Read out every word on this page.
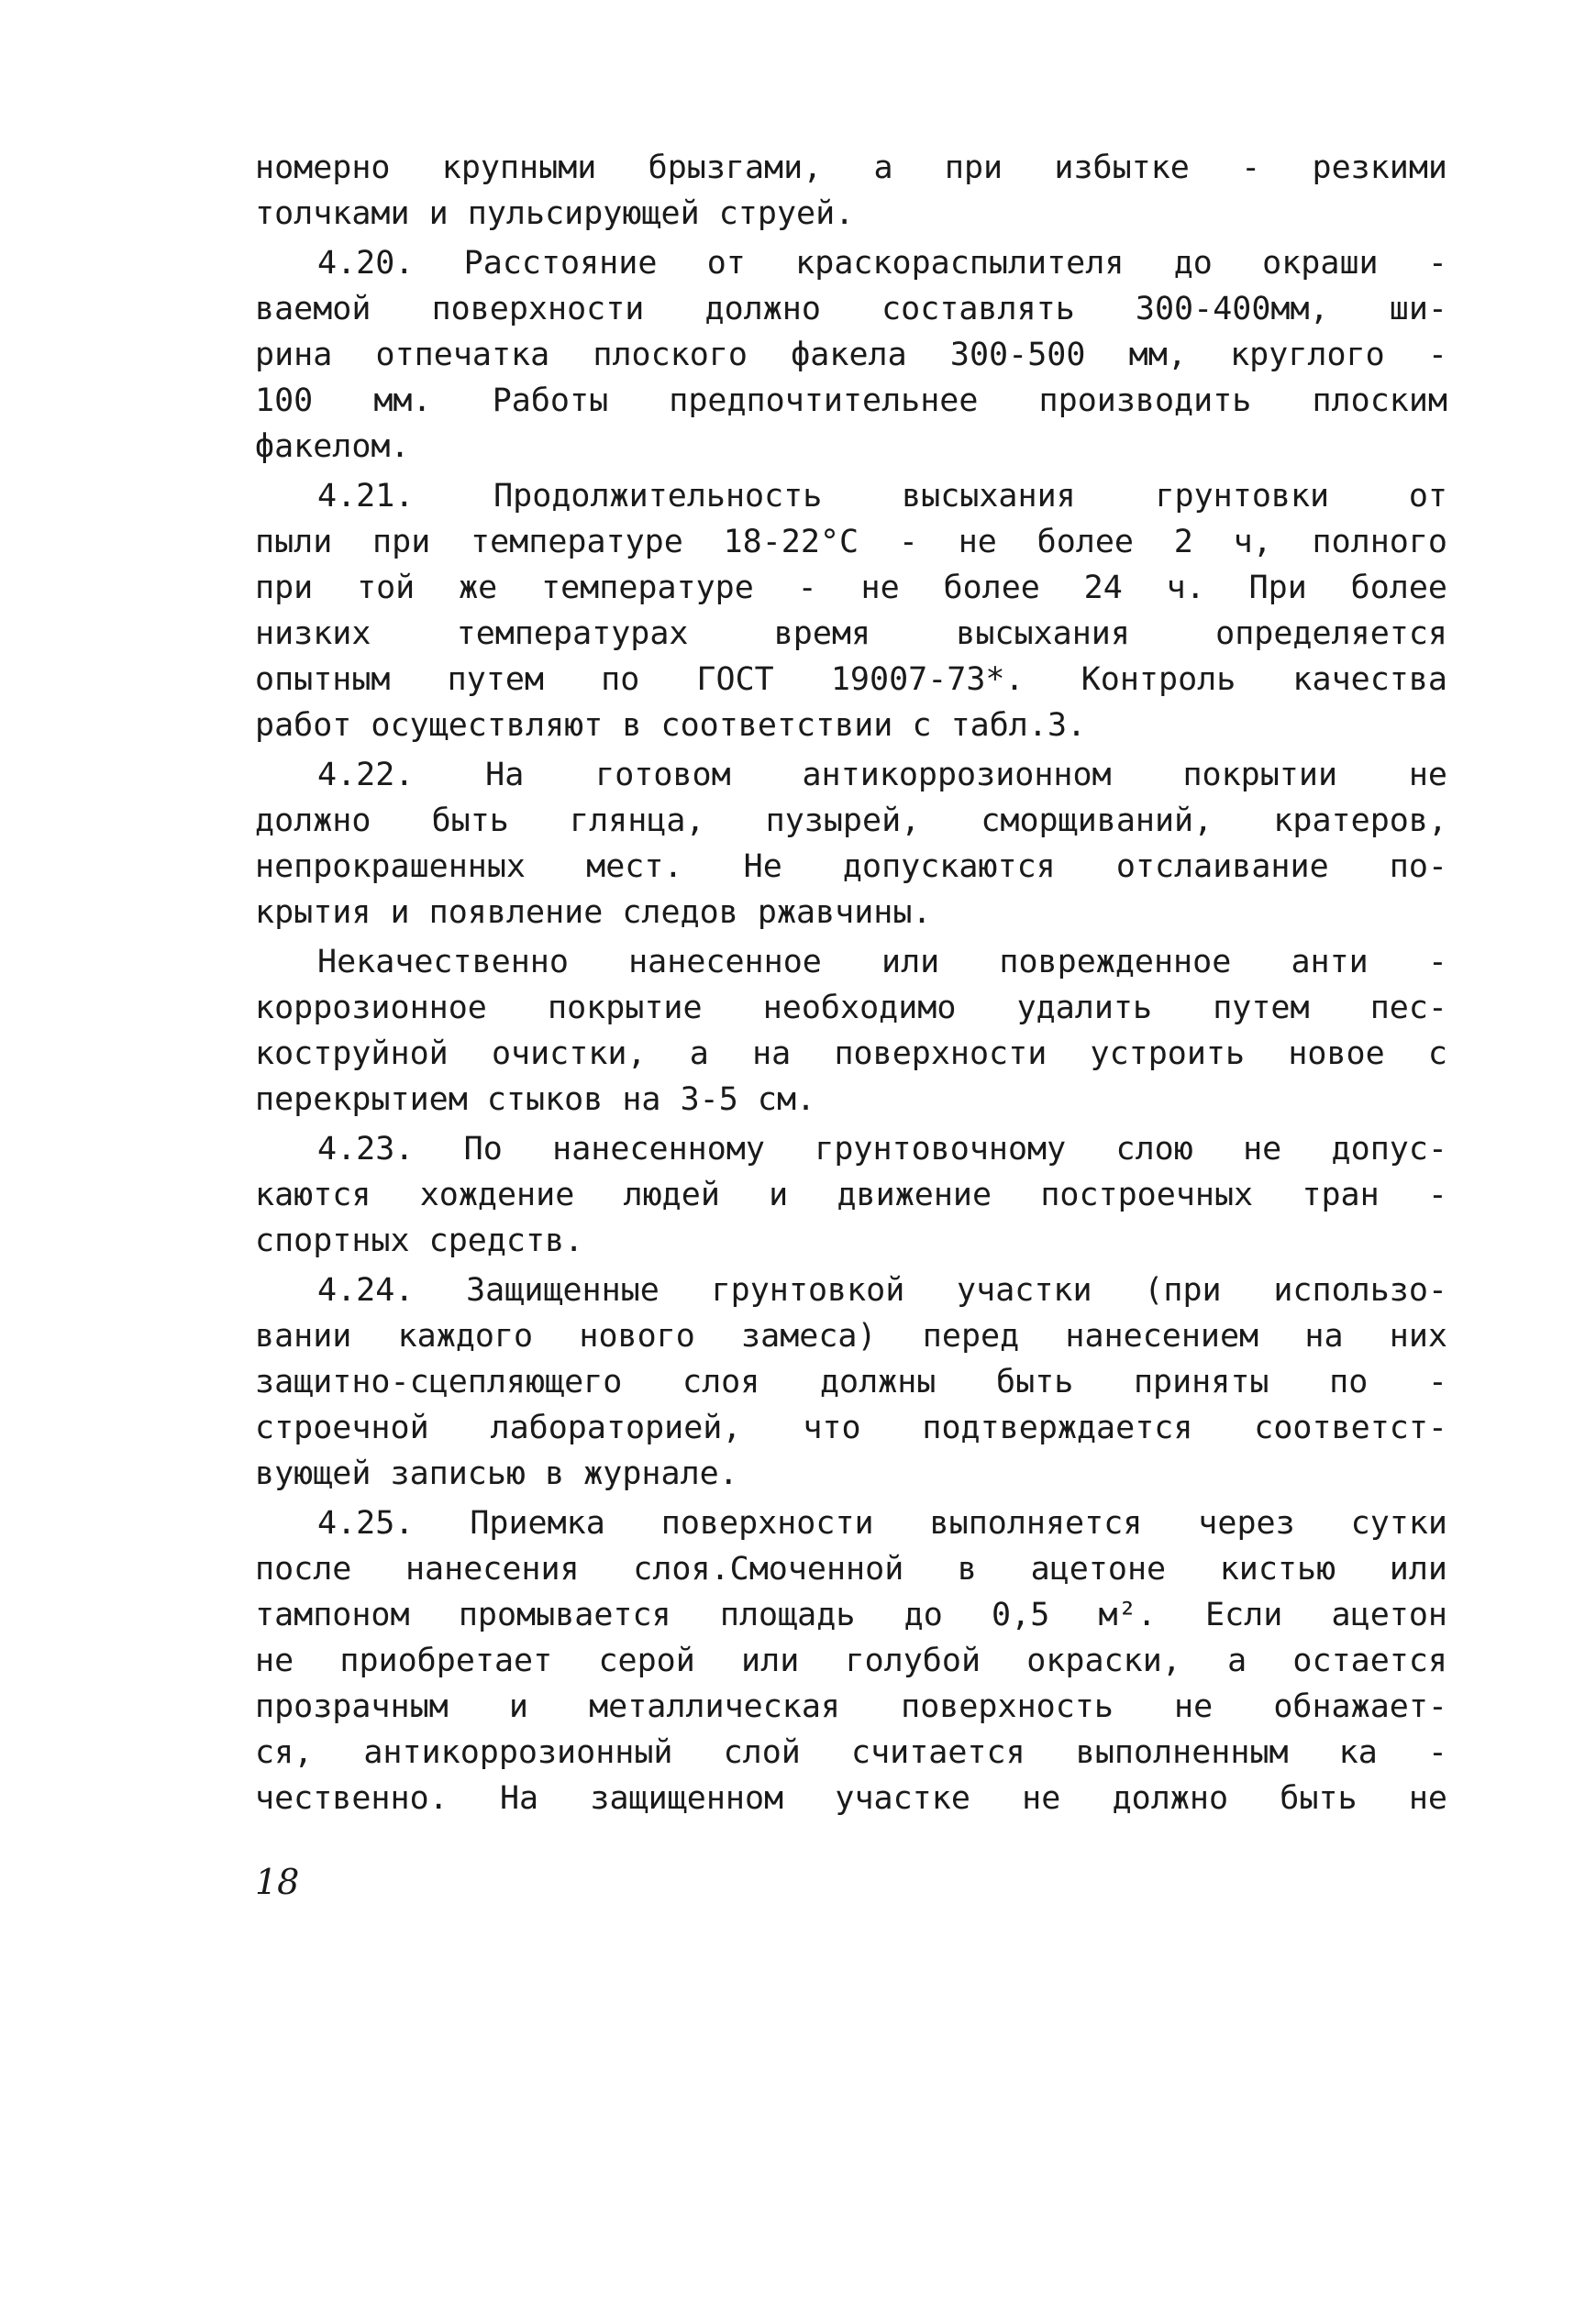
номерно крупными брызгами, а при избытке - резкими
толчками и пульсирующей струей.
4.20. Расстояние от краскораспылителя до окраши -
ваемой поверхности должно составлять 300-400мм, ши-
рина отпечатка плоского факела 300-500 мм, круглого -
100 мм. Работы предпочтительнее производить плоским
факелом.
4.21. Продолжительность высыхания грунтовки от
пыли при температуре 18-22°С - не более 2 ч, полного
при той же температуре - не более 24 ч. При более
низких температурах время высыхания определяется
опытным путем по ГОСТ 19007-73*. Контроль качества
работ осуществляют в соответствии с табл.3.
4.22. На готовом антикоррозионном покрытии не
должно быть глянца, пузырей, сморщиваний, кратеров,
непрокрашенных мест. Не допускаются отслаивание по-
крытия и появление следов ржавчины.
Некачественно нанесенное или поврежденное анти -
коррозионное покрытие необходимо удалить путем пес-
коструйной очистки, а на поверхности устроить новое с
перекрытием стыков на 3-5 см.
4.23. По нанесенному грунтовочному слою не допус-
каются хождение людей и движение построечных тран -
спортных средств.
4.24. Защищенные грунтовкой участки (при использо-
вании каждого нового замеса) перед нанесением на них
защитно-сцепляющего слоя должны быть приняты по -
строечной лабораторией, что подтверждается соответст-
вующей записью в журнале.
4.25. Приемка поверхности выполняется через сутки
после нанесения слоя.Смоченной в ацетоне кистью или
тампоном промывается площадь до 0,5 м². Если ацетон
не приобретает серой или голубой окраски, а остается
прозрачным и металлическая поверхность не обнажает-
ся, антикоррозионный слой считается выполненным ка -
чественно. На защищенном участке не должно быть не
18
